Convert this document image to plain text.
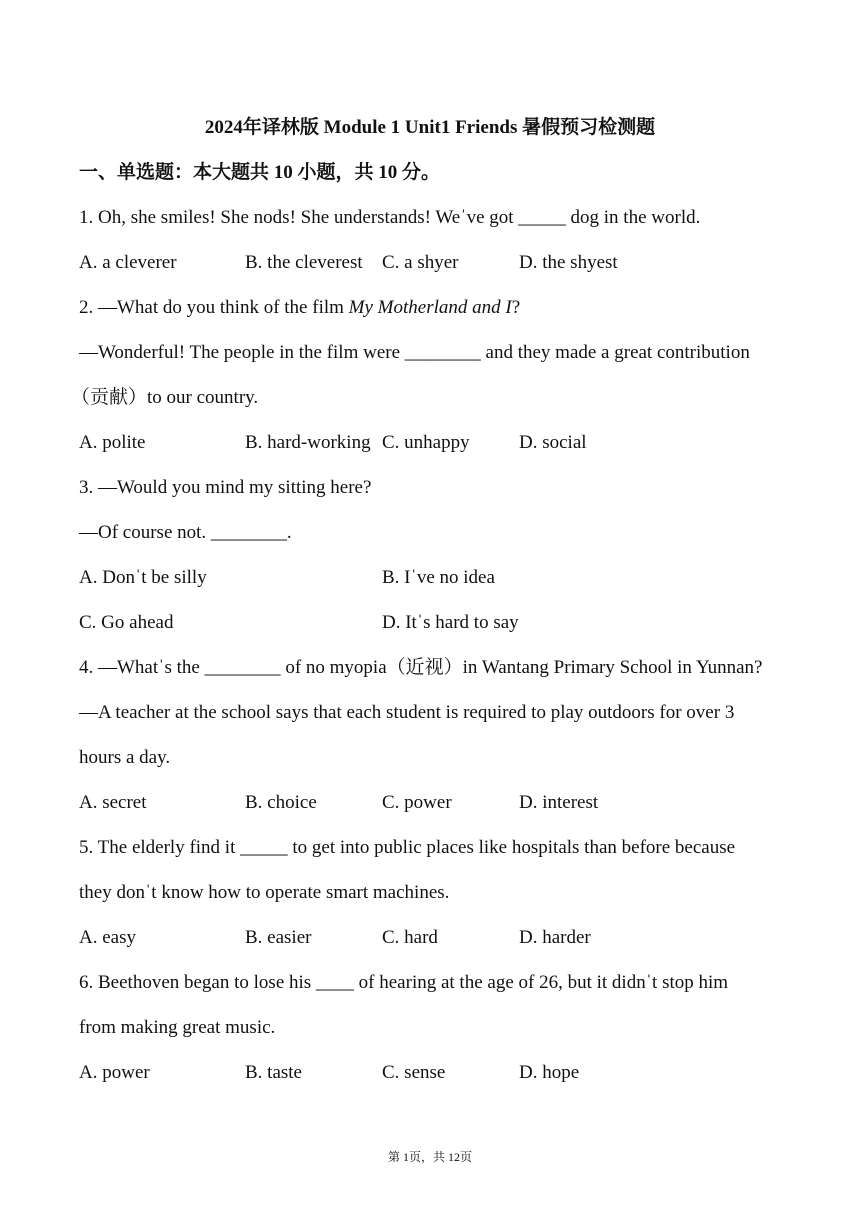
2024年译林版 Module 1 Unit1 Friends 暑假预习检测题
一、单选题：本大题共 10 小题，共 10 分。
1. Oh, she smiles! She nods! She understands! Weˈve got _____ dog in the world.
A. a cleverer	B. the cleverest C. a shyer	D. the shyest
2. —What do you think of the film My Motherland and I?
—Wonderful! The people in the film were ________ and they made a great contribution
（贡献）to our country.
A. polite	B. hard-working C. unhappy	D. social
3. —Would you mind my sitting here?
—Of course not. ________.
A. Donˈt be silly	B. Iˈve no idea
C. Go ahead	D. Itˈs hard to say
4. —Whatˈs the ________ of no myopia（近视）in Wantang Primary School in Yunnan?
—A teacher at the school says that each student is required to play outdoors for over 3
hours a day.
A. secret	B. choice	C. power	D. interest
5. The elderly find it _____ to get into public places like hospitals than before because
they donˈt know how to operate smart machines.
A. easy	B. easier	C. hard	D. harder
6. Beethoven began to lose his ____ of hearing at the age of 26, but it didnˈt stop him
from making great music.
A. power	B. taste	C. sense	D. hope
第 1页，共 12页
